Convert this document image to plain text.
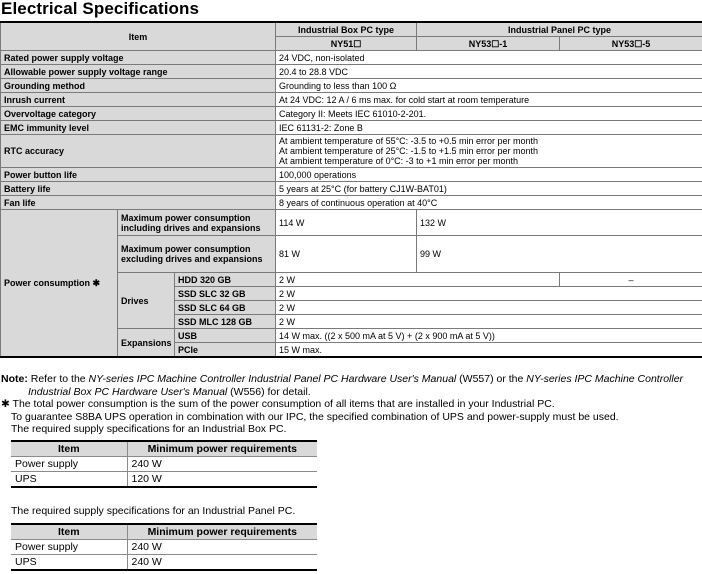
Electrical Specifications
Item			Industrial Box PC type	Industrial Panel PC type	
			NY51☐	NY53☐-1	NY53☐-5
Rated power supply voltage			24 VDC, non-isolated		
Allowable power supply voltage range			20.4 to 28.8 VDC		
Grounding method			Grounding to less than 100 Ω		
Inrush current			At 24 VDC: 12 A / 6 ms max. for cold start at room temperature		
Overvoltage category			Category II: Meets IEC 61010-2-201.		
EMC immunity level			IEC 61131-2: Zone B		
RTC accuracy			At ambient temperature of 55°C: -3.5 to +0.5 min error per month
At ambient temperature of 25°C: -1.5 to +1.5 min error per month
At ambient temperature of 0°C: -3 to +1 min error per month		

Power button life			100,000 operations		
Battery life			5 years at 25°C (for battery CJ1W-BAT01)		
Fan life			8 years of continuous operation at 40°C		
Power consumption ✱	Maximum power consumption including drives and expansions		114 W	132 W	
	Maximum power consumption excluding drives and expansions		81 W	99 W	
	Drives	HDD 320 GB	2 W		–
		SSD SLC 32 GB	2 W		
		SSD SLC 64 GB	2 W		
		SSD MLC 128 GB	2 W		
	Expansions	USB	14 W max. ((2 x 500 mA at 5 V) + (2 x 900 mA at 5 V))		
		PCIe	15 W max.		

Note: Refer to the NY-series IPC Machine Controller Industrial Panel PC Hardware User's Manual (W557) or the NY-series IPC Machine Controller

Industrial Box PC Hardware User's Manual (W556) for detail.

✱ The total power consumption is the sum of the power consumption of all items that are installed in your Industrial PC.

To guarantee S8BA UPS operation in combination with our IPC, the specified combination of UPS and power-supply must be used.

The required supply specifications for an Industrial Box PC.

Item	Minimum power requirements
Power supply	240 W
UPS	120 W
The required supply specifications for an Industrial Panel PC.
Item	Minimum power requirements
Power supply	240 W
UPS	240 W
